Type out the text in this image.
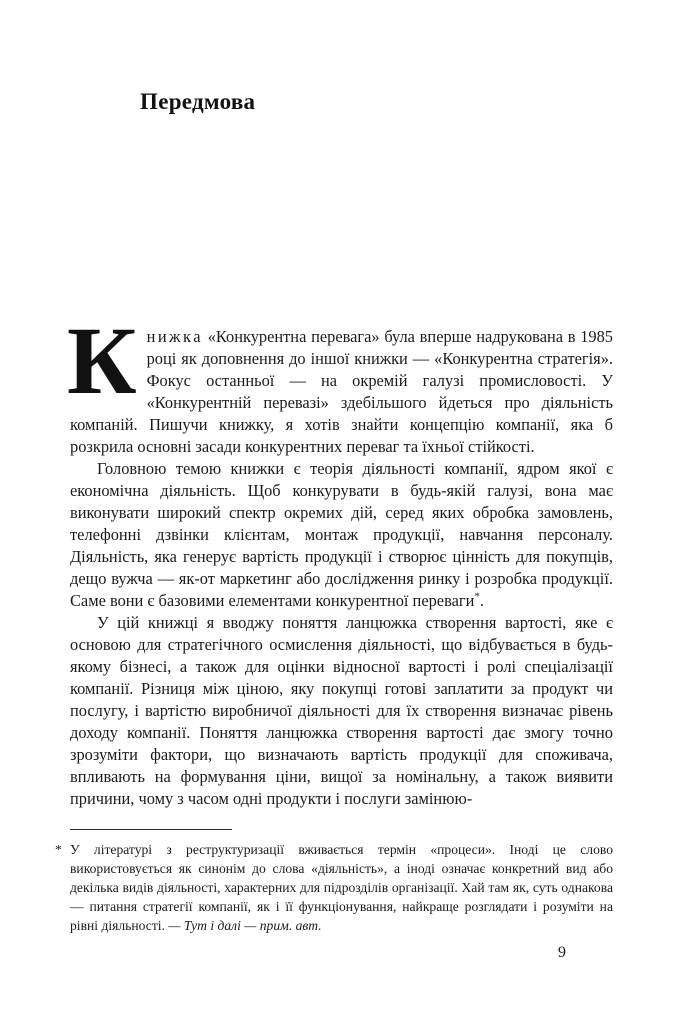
Передмова

Книжка «Конкурентна перевага» була вперше надрукована в 1985 році як доповнення до іншої книжки — «Конкурентна стратегія». Фокус останньої — на окремій галузі промисловості. У «Конкурентній перевазі» здебільшого йдеться про діяльність компаній. Пишучи книжку, я хотів знайти концепцію компанії, яка б розкрила основні засади конкурентних переваг та їхньої стійкості.

Головною темою книжки є теорія діяльності компанії, ядром якої є економічна діяльність. Щоб конкурувати в будь-якій галузі, вона має виконувати широкий спектр окремих дій, серед яких обробка замовлень, телефонні дзвінки клієнтам, монтаж продукції, навчання персоналу. Діяльність, яка генерує вартість продукції і створює цінність для покупців, дещо вужча — як-от маркетинг або дослідження ринку і розробка продукції. Саме вони є базовими елементами конкурентної переваги*.

У цій книжці я вводжу поняття ланцюжка створення вартості, яке є основою для стратегічного осмислення діяльності, що відбувається в будь-якому бізнесі, а також для оцінки відносної вартості і ролі спеціалізації компанії. Різниця між ціною, яку покупці готові заплатити за продукт чи послугу, і вартістю виробничої діяльності для їх створення визначає рівень доходу компанії. Поняття ланцюжка створення вартості дає змогу точно зрозуміти фактори, що визначають вартість продукції для споживача, впливають на формування ціни, вищої за номінальну, а також виявити причини, чому з часом одні продукти і послуги замінюю-

* У літературі з реструктуризації вживається термін «процеси». Іноді це слово використовується як синонім до слова «діяльність», а іноді означає конкретний вид або декілька видів діяльності, характерних для підрозділів організації. Хай там як, суть однакова — питання стратегії компанії, як і її функціонування, найкраще розглядати і розуміти на рівні діяльності. — Тут і далі — прим. авт.
9
